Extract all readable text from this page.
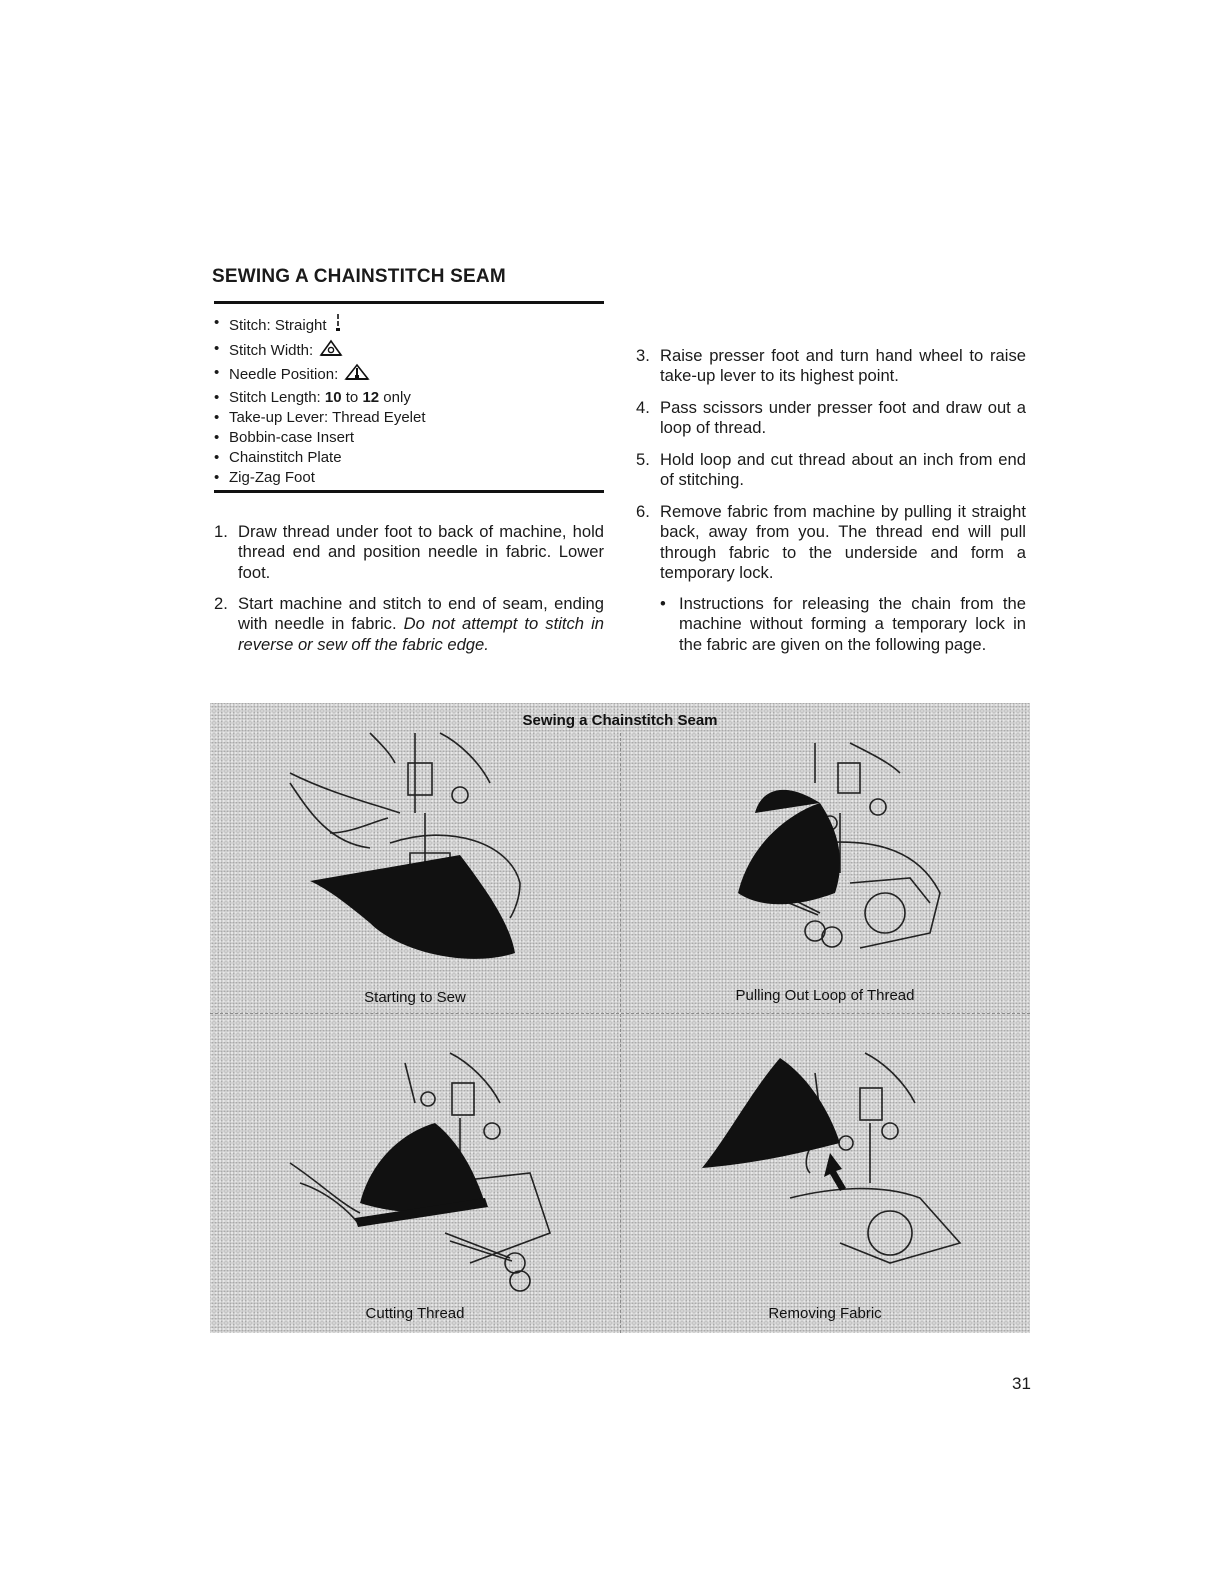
SEWING A CHAINSTITCH SEAM
• Stitch: Straight
• Stitch Width:
• Needle Position:
• Stitch Length: 10 to 12 only
• Take-up Lever: Thread Eyelet
• Bobbin-case Insert
• Chainstitch Plate
• Zig-Zag Foot
1. Draw thread under foot to back of machine, hold thread end and position needle in fabric. Lower foot.
2. Start machine and stitch to end of seam, ending with needle in fabric. Do not attempt to stitch in reverse or sew off the fabric edge.
3. Raise presser foot and turn hand wheel to raise take-up lever to its highest point.
4. Pass scissors under presser foot and draw out a loop of thread.
5. Hold loop and cut thread about an inch from end of stitching.
6. Remove fabric from machine by pulling it straight back, away from you. The thread end will pull through fabric to the underside and form a temporary lock.
• Instructions for releasing the chain from the machine without forming a temporary lock in the fabric are given on the following page.
Sewing a Chainstitch Seam
Starting to Sew	Pulling Out Loop of Thread
Cutting Thread	Removing Fabric
31
